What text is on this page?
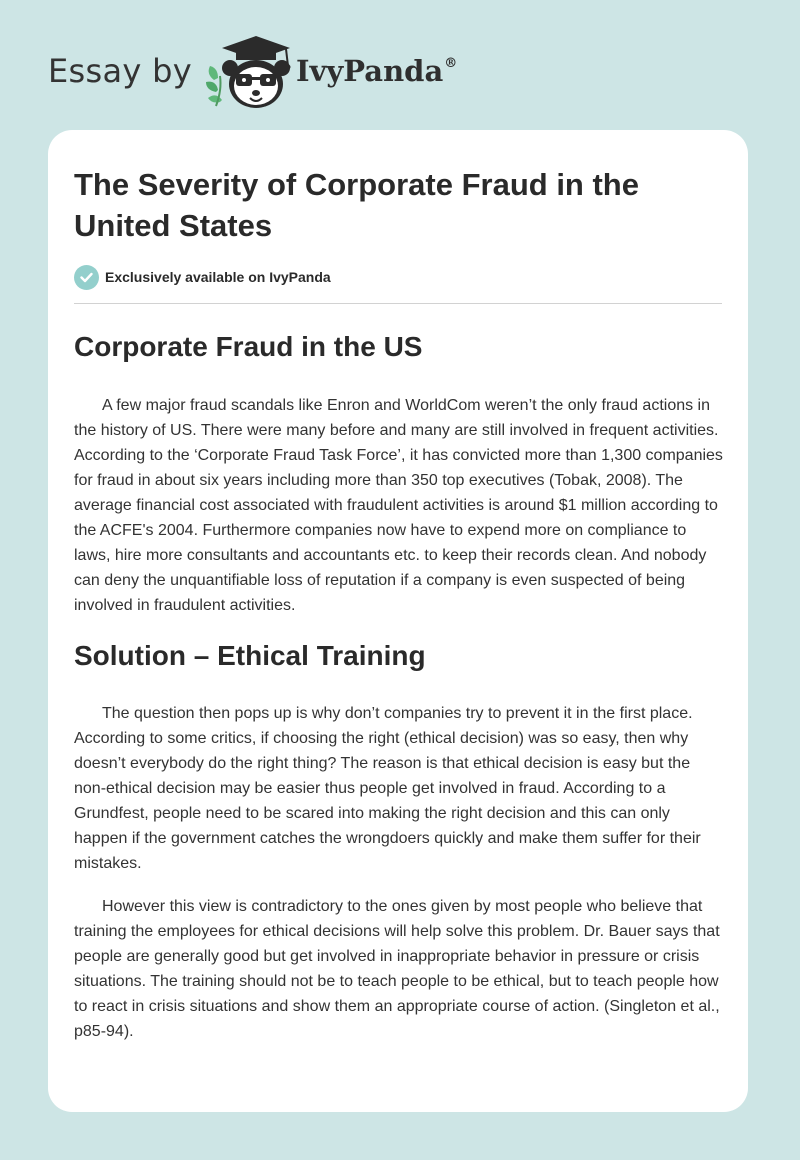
Essay by	IvyPanda®
The Severity of Corporate Fraud in the United States
Exclusively available on IvyPanda
Corporate Fraud in the US

A few major fraud scandals like Enron and WorldCom weren’t the only fraud actions in the history of US. There were many before and many are still involved in frequent activities. According to the ‘Corporate Fraud Task Force’, it has convicted more than 1,300 companies for fraud in about six years including more than 350 top executives (Tobak, 2008). The average financial cost associated with fraudulent activities is around $1 million according to the ACFE's 2004. Furthermore companies now have to expend more on compliance to laws, hire more consultants and accountants etc. to keep their records clean. And nobody can deny the unquantifiable loss of reputation if a company is even suspected of being involved in fraudulent activities.

Solution – Ethical Training

The question then pops up is why don’t companies try to prevent it in the first place. According to some critics, if choosing the right (ethical decision) was so easy, then why doesn’t everybody do the right thing? The reason is that ethical decision is easy but the non-ethical decision may be easier thus people get involved in fraud. According to a Grundfest, people need to be scared into making the right decision and this can only happen if the government catches the wrongdoers quickly and make them suffer for their mistakes.

However this view is contradictory to the ones given by most people who believe that training the employees for ethical decisions will help solve this problem. Dr. Bauer says that people are generally good but get involved in inappropriate behavior in pressure or crisis situations. The training should not be to teach people to be ethical, but to teach people how to react in crisis situations and show them an appropriate course of action. (Singleton et al., p85-94).
